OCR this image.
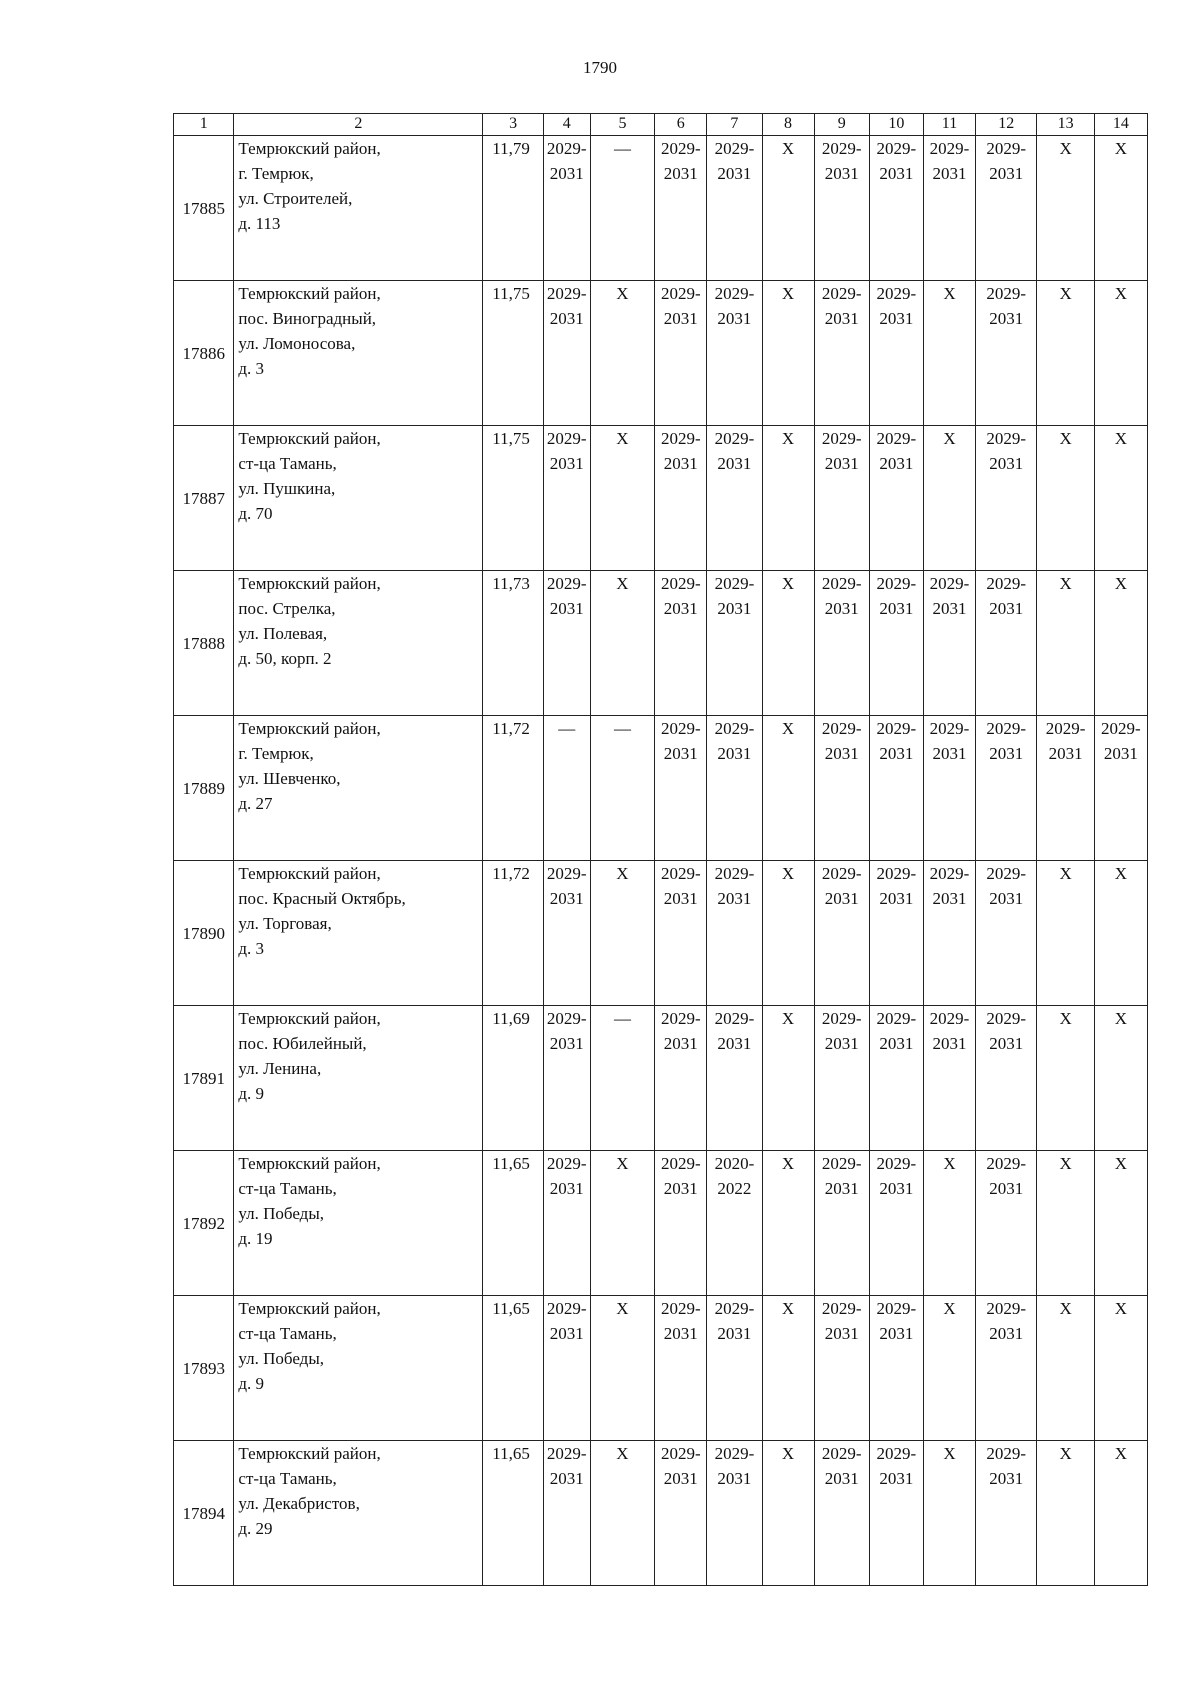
1790
1	2	3	4	5	6	7	8	9	10	11	12	13	14
17885	Темрюкский район,
г. Темрюк,
ул. Строителей,
д. 113	11,79	2029-
2031	—	2029-
2031	2029-
2031	Х	2029-
2031	2029-
2031	2029-
2031	2029-
2031	Х	Х

17886	Темрюкский район,
пос. Виноградный,
ул. Ломоносова,
д. 3	11,75	2029-
2031	Х	2029-
2031	2029-
2031	Х	2029-
2031	2029-
2031	Х	2029-
2031	Х	Х

17887	Темрюкский район,
ст-ца Тамань,
ул. Пушкина,
д. 70	11,75	2029-
2031	Х	2029-
2031	2029-
2031	Х	2029-
2031	2029-
2031	Х	2029-
2031	Х	Х

17888	Темрюкский район,
пос. Стрелка,
ул. Полевая,
д. 50, корп. 2	11,73	2029-
2031	Х	2029-
2031	2029-
2031	Х	2029-
2031	2029-
2031	2029-
2031	2029-
2031	Х	Х

17889	Темрюкский район,
г. Темрюк,
ул. Шевченко,
д. 27	11,72	—	—	2029-
2031	2029-
2031	Х	2029-
2031	2029-
2031	2029-
2031	2029-
2031	2029-
2031	2029-
2031

17890	Темрюкский район,
пос. Красный Октябрь,
ул. Торговая,
д. 3	11,72	2029-
2031	Х	2029-
2031	2029-
2031	Х	2029-
2031	2029-
2031	2029-
2031	2029-
2031	Х	Х

17891	Темрюкский район,
пос. Юбилейный,
ул. Ленина,
д. 9	11,69	2029-
2031	—	2029-
2031	2029-
2031	Х	2029-
2031	2029-
2031	2029-
2031	2029-
2031	Х	Х

17892	Темрюкский район,
ст-ца Тамань,
ул. Победы,
д. 19	11,65	2029-
2031	Х	2029-
2031	2020-
2022	Х	2029-
2031	2029-
2031	Х	2029-
2031	Х	Х

17893	Темрюкский район,
ст-ца Тамань,
ул. Победы,
д. 9	11,65	2029-
2031	Х	2029-
2031	2029-
2031	Х	2029-
2031	2029-
2031	Х	2029-
2031	Х	Х

17894	Темрюкский район,
ст-ца Тамань,
ул. Декабристов,
д. 29	11,65	2029-
2031	Х	2029-
2031	2029-
2031	Х	2029-
2031	2029-
2031	Х	2029-
2031	Х	Х
